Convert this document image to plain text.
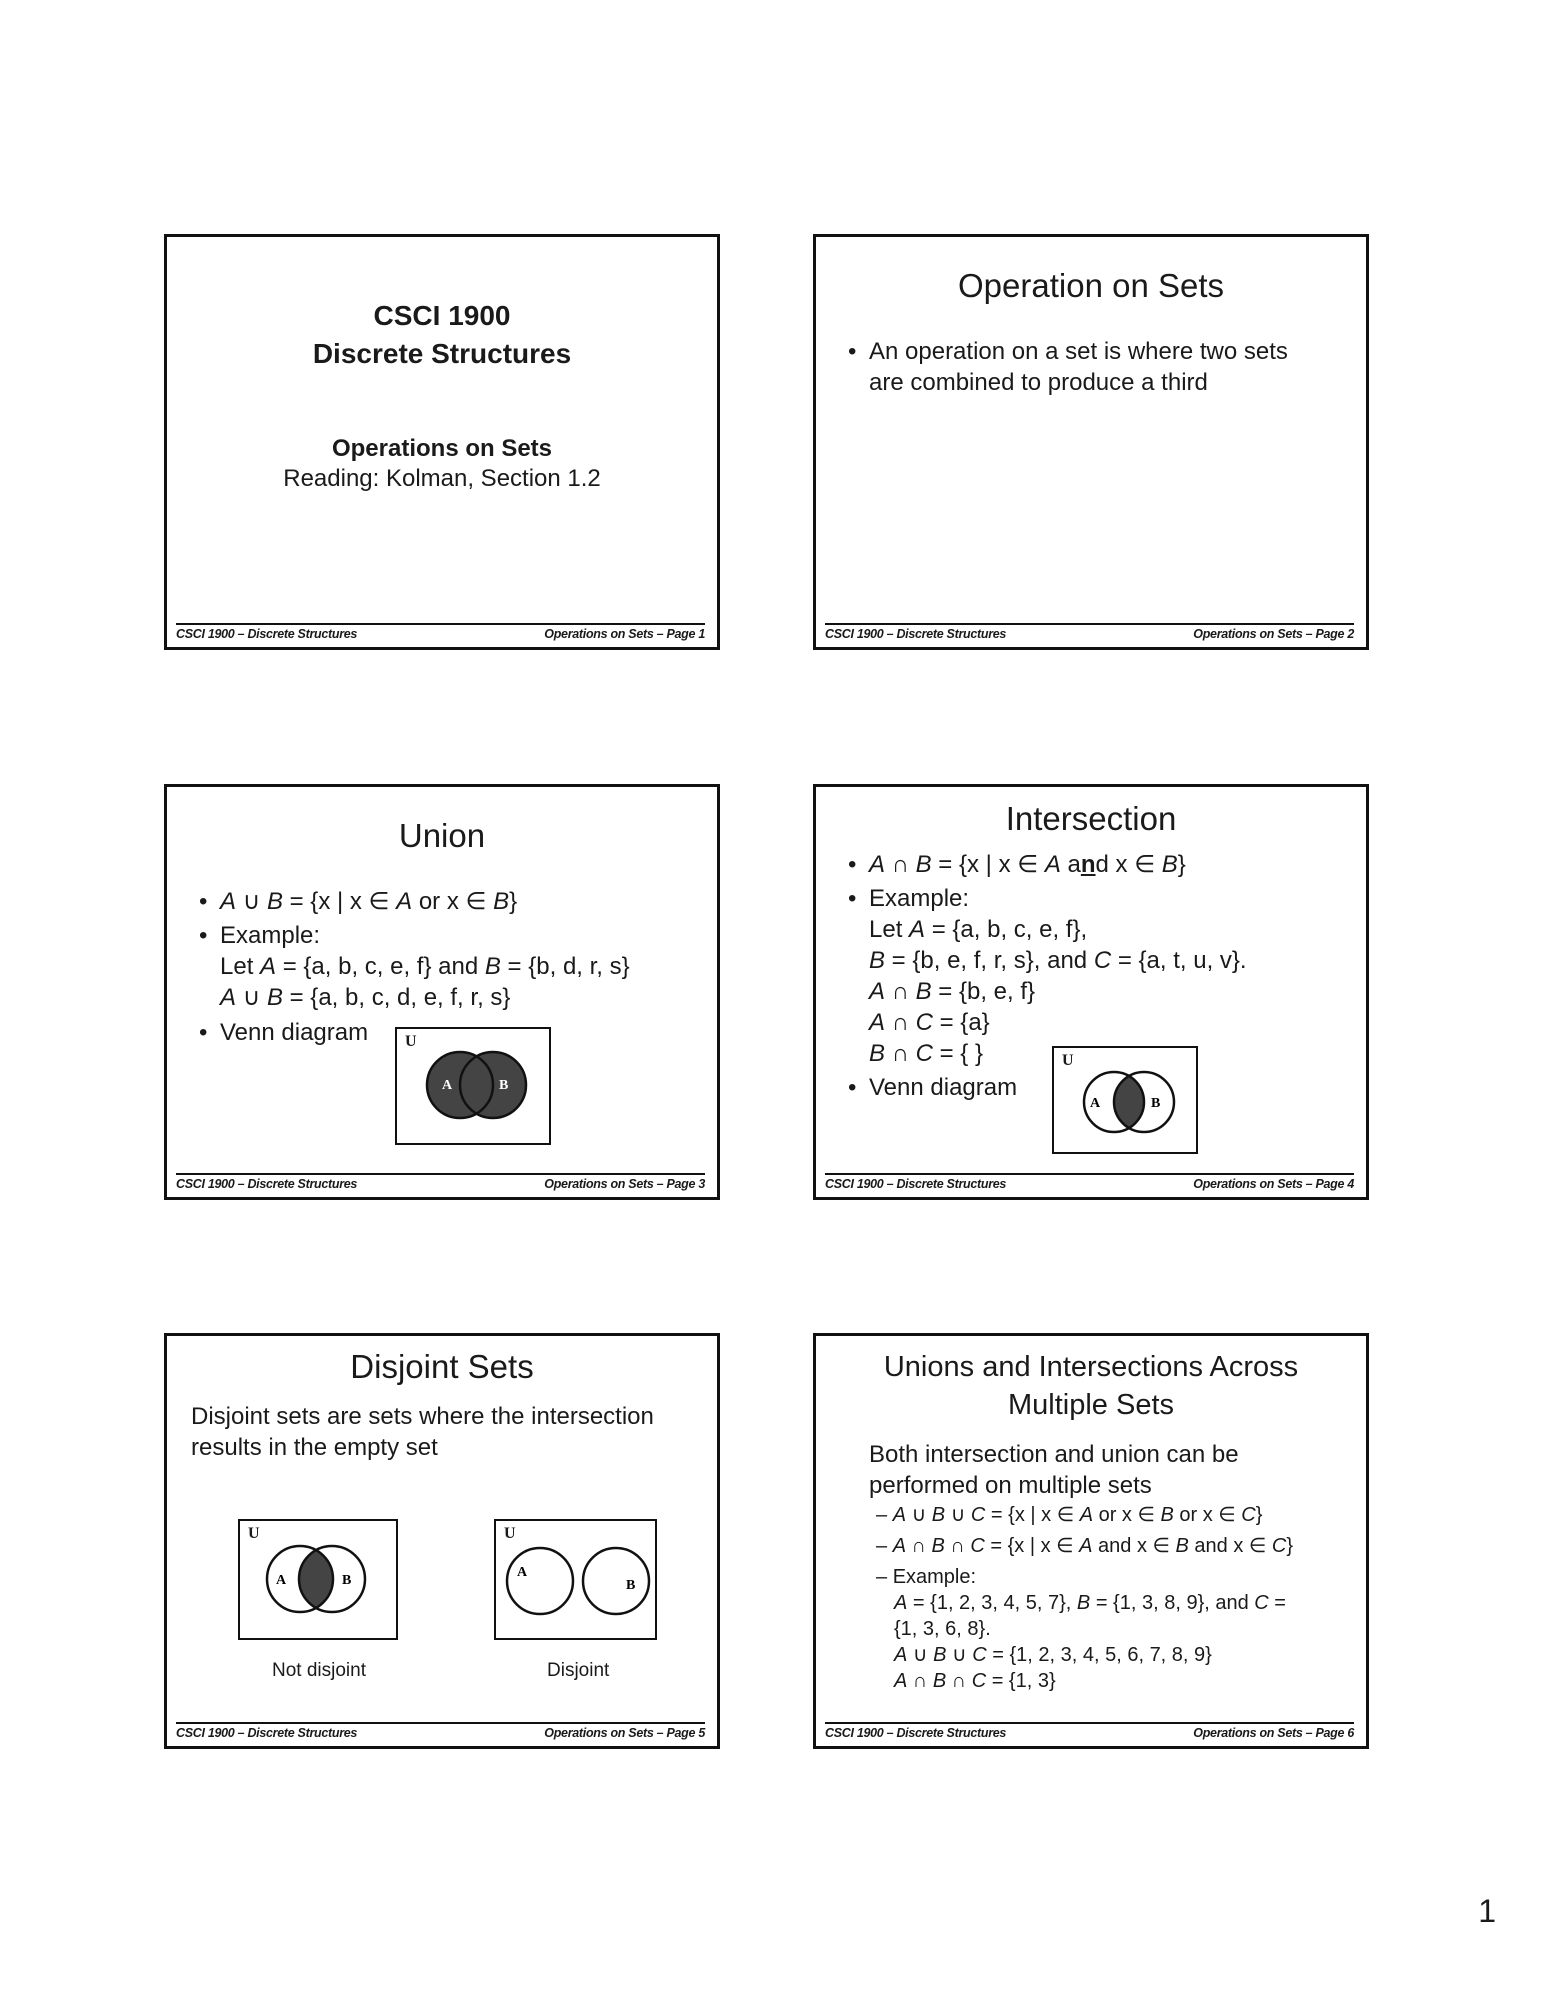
CSCI 1900
Discrete Structures
Operations on Sets
Reading: Kolman, Section 1.2
CSCI 1900 – Discrete Structures	Operations on Sets – Page 1
Operation on Sets
• An operation on a set is where two sets
are combined to produce a third
CSCI 1900 – Discrete Structures	Operations on Sets – Page 2
Union
• A ∪ B = {x | x ∈ A or x ∈ B}
• Example:
Let A = {a, b, c, e, f} and B = {b, d, r, s}
A ∪ B = {a, b, c, d, e, f, r, s}
• Venn diagram U
A	B
CSCI 1900 – Discrete Structures	Operations on Sets – Page 3
Intersection
• A ∩ B = {x | x ∈ A and x ∈ B}
• Example:
Let A = {a, b, c, e, f},
B = {b, e, f, r, s}, and C = {a, t, u, v}.
A ∩ B = {b, e, f}
A ∩ C = {a}
B ∩ C = { }
• Venn diagram
U
A	B
CSCI 1900 – Discrete Structures	Operations on Sets – Page 4
Disjoint Sets
Disjoint sets are sets where the intersection
results in the empty set
U
A	B
Not disjoint
U
A
B
Disjoint
CSCI 1900 – Discrete Structures	Operations on Sets – Page 5
Unions and Intersections Across
Multiple Sets
Both intersection and union can be
performed on multiple sets
– A ∪ B ∪ C = {x | x ∈ A or x ∈ B or x ∈ C}
– A ∩ B ∩ C = {x | x ∈ A and x ∈ B and x ∈ C}
– Example:
A = {1, 2, 3, 4, 5, 7}, B = {1, 3, 8, 9}, and C =
{1, 3, 6, 8}.
A ∪ B ∪ C = {1, 2, 3, 4, 5, 6, 7, 8, 9}
A ∩ B ∩ C = {1, 3}
CSCI 1900 – Discrete Structures	Operations on Sets – Page 6
1
